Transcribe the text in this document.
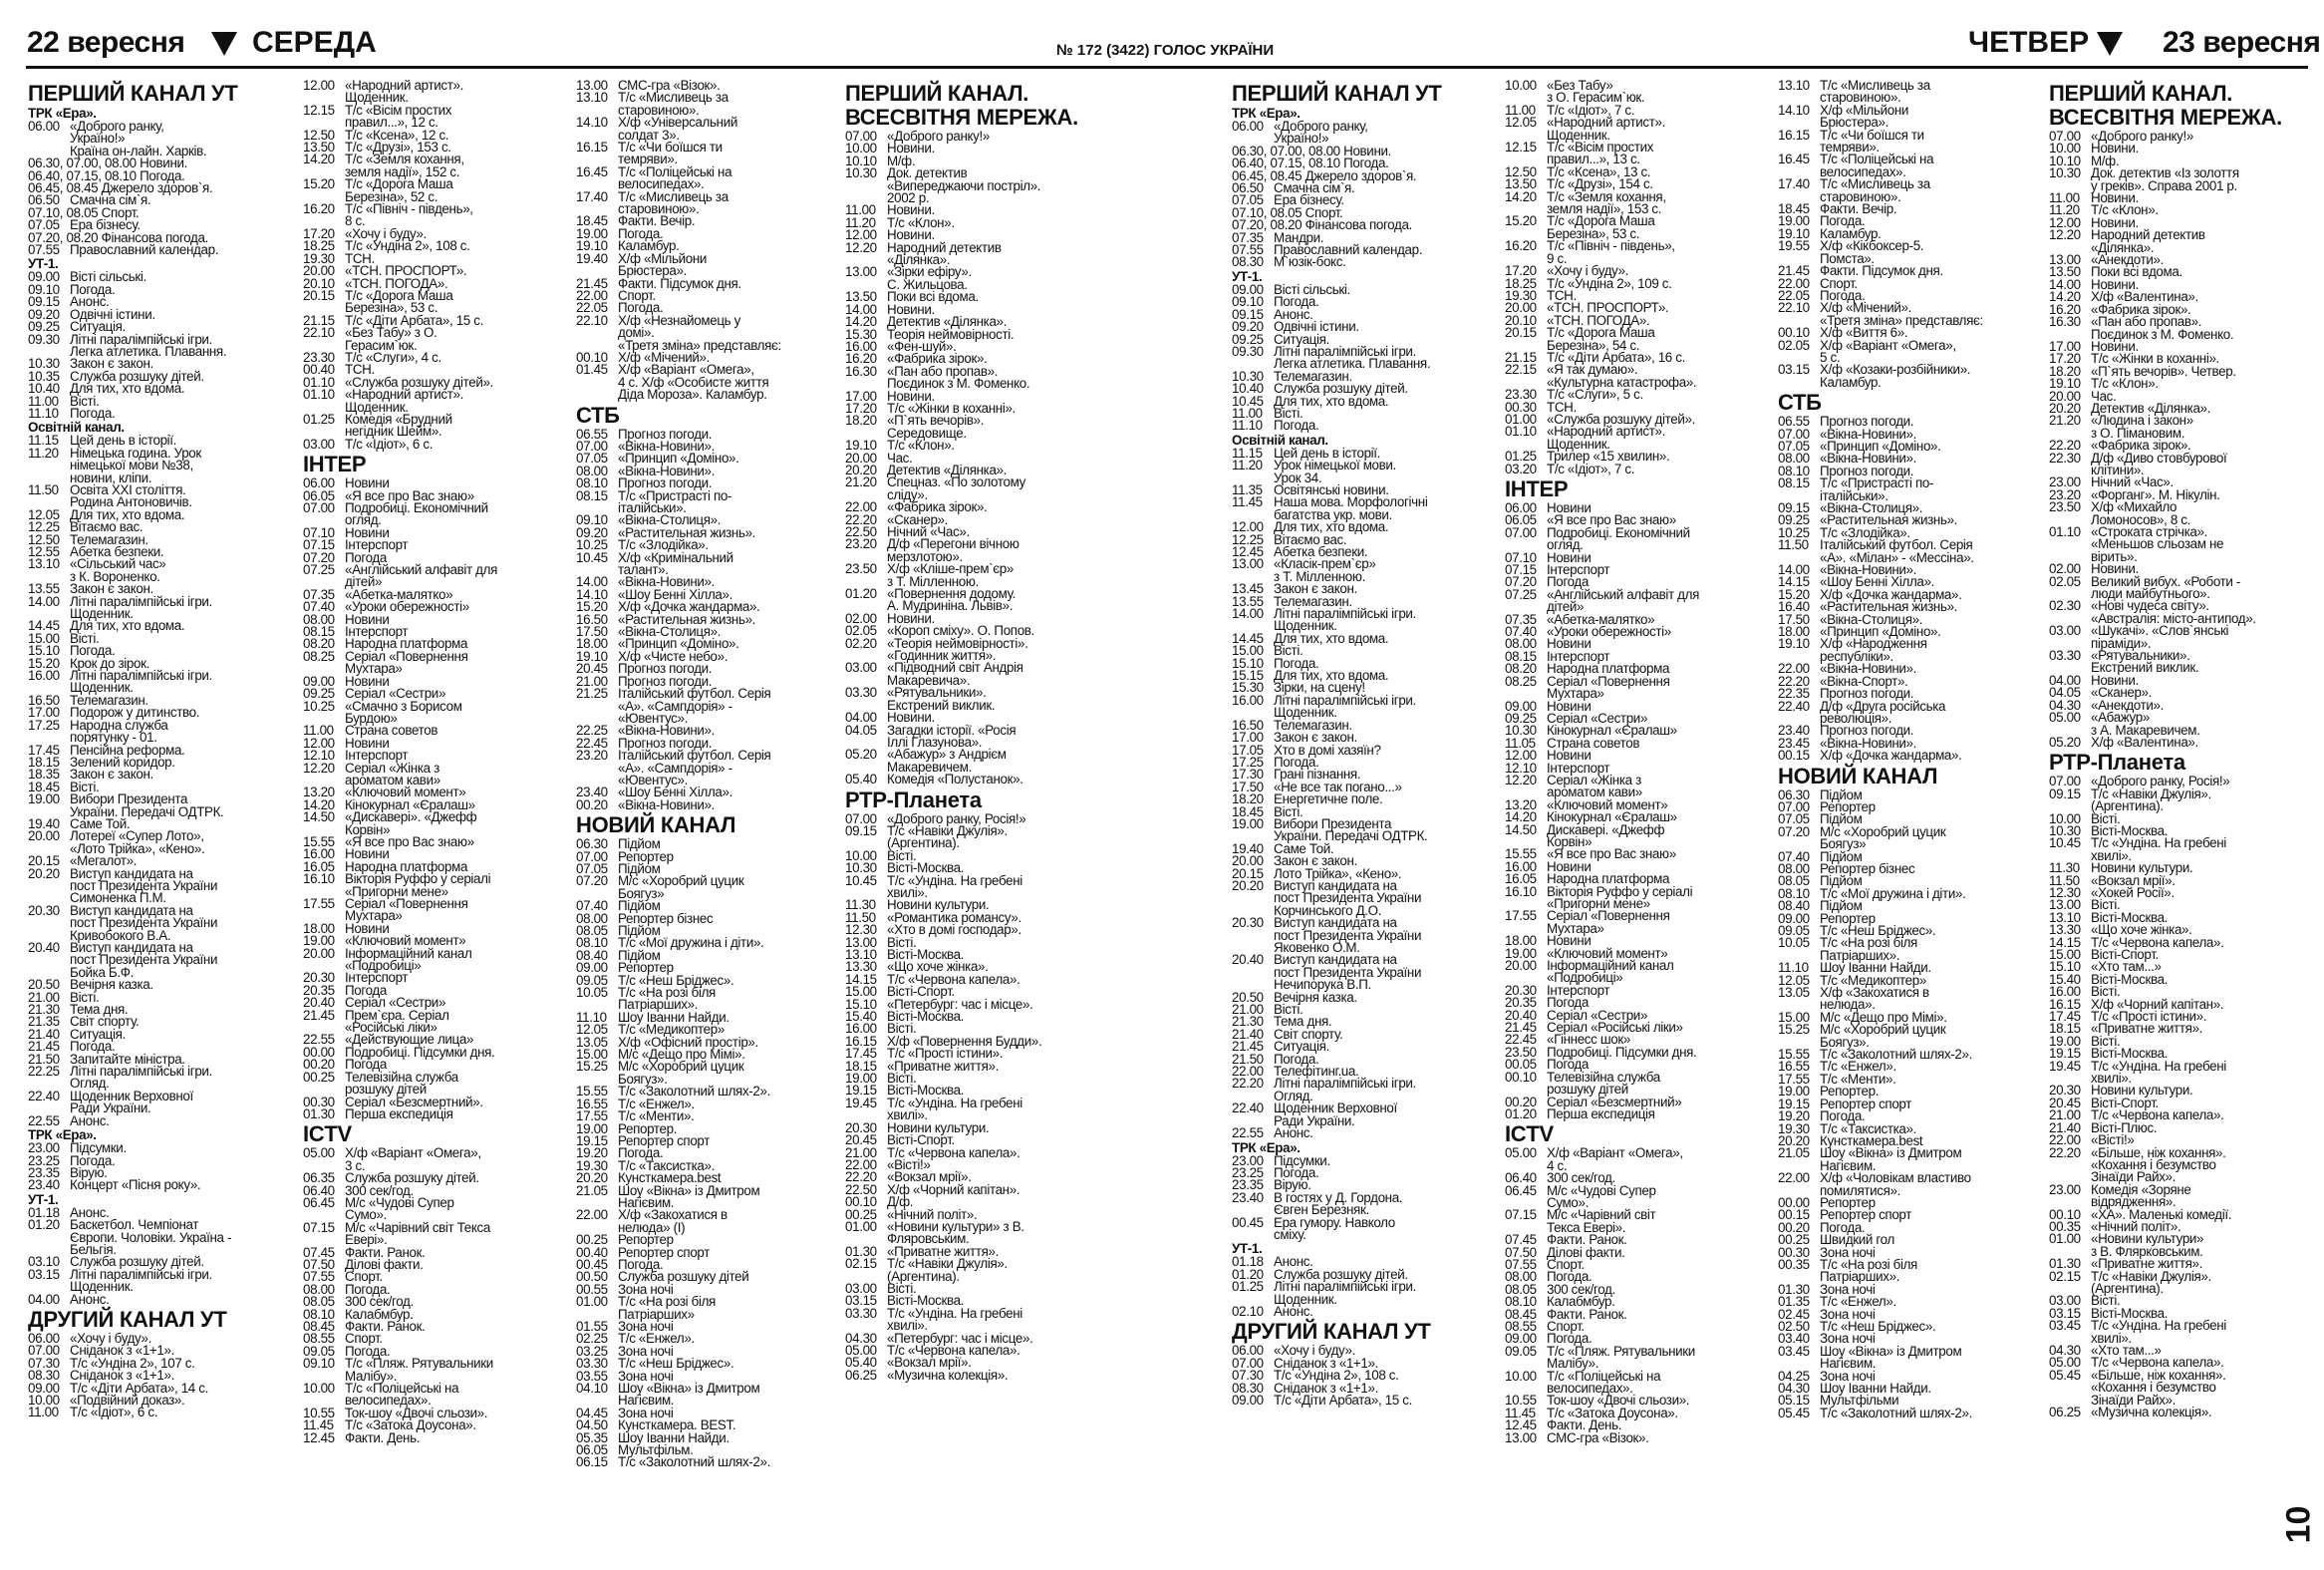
22 вересня СЕРЕДА	№ 172 (3422) ГОЛОС УКРАЇНИ	ЧЕТВЕР 23 вересня
ПЕРШИЙ КАНАЛ УТ
ТРК «Ера».
06.00 «Доброго ранку,
Україно!»
Країна он-лайн. Харків.
06.30, 07.00, 08.00 Новини.
06.40, 07.15, 08.10 Погода.
06.45, 08.45 Джерело здоров`я.
06.50 Смачна сім`я.
07.10, 08.05 Спорт.
07.05 Ера бізнесу.
07.20, 08.20 Фінансова погода.
07.55 Православний календар.
УТ-1.
09.00 Вісті сільські.
09.10 Погода.
09.15 Анонс.
09.20 Одвічні істини.
09.25 Ситуація.
09.30 Літні паралімпійські ігри.
Легка атлетика. Плавання.
10.30 Закон є закон.
10.35 Служба розшуку дітей.
10.40 Для тих, хто вдома.
11.00 Вісті.
11.10 Погода.
Освітній канал.
11.15 Цей день в історії.
11.20 Німецька година. Урок
німецької мови №38,
новини, кліпи.
11.50 Освіта XXI століття.
Родина Антоновичів.
12.05 Для тих, хто вдома.
12.25 Вітаємо вас.
12.50 Телемагазин.
12.55 Абетка безпеки.
13.10 «Сільський час»
з К. Вороненко.
13.55 Закон є закон.
14.00 Літні паралімпійські ігри.
Щоденник.
14.45 Для тих, хто вдома.
15.00 Вісті.
15.10 Погода.
15.20 Крок до зірок.
16.00 Літні паралімпійські ігри.
Щоденник.
16.50 Телемагазин.
17.00 Подорож у дитинство.
17.25 Народна служба
порятунку - 01.
17.45 Пенсійна реформа.
18.15 Зелений коридор.
18.35 Закон є закон.
18.45 Вісті.
19.00 Вибори Президента
України. Передачі ОДТРК.
19.40 Саме Той.
20.00 Лотереї «Супер Лото»,
«Лото Трійка», «Кено».
20.15 «Мегалот».
20.20 Виступ кандидата на
пост Президента України
Симоненка П.М.
20.30 Виступ кандидата на
пост Президента України
Кривобокого В.А.
20.40 Виступ кандидата на
пост Президента України
Бойка Б.Ф.
20.50 Вечірня казка.
21.00 Вісті.
21.30 Тема дня.
21.35 Світ спорту.
21.40 Ситуація.
21.45 Погода.
21.50 Запитайте міністра.
22.25 Літні паралімпійські ігри.
Огляд.
22.40 Щоденник Верховної
Ради України.
22.55 Анонс.
ТРК «Ера».
23.00 Підсумки.
23.25 Погода.
23.35 Вірую.
23.40 Концерт «Пісня року».
УТ-1.
01.18 Анонс.
01.20 Баскетбол. Чемпіонат
Європи. Чоловіки. Україна -
Бельгія.
03.10 Служба розшуку дітей.
03.15 Літні паралімпійські ігри.
Щоденник.
04.00 Анонс.
ДРУГИЙ КАНАЛ УТ
06.00 «Хочу і буду».
07.00 Сніданок з «1+1».
07.30 Т/с «Ундіна 2», 107 с.
08.30 Сніданок з «1+1».
09.00 Т/с «Діти Арбата», 14 с.
10.00 «Подвійний доказ».
11.00 Т/с «Ідіот», 6 с.
12.00 «Народний артист».
Щоденник.
12.15 Т/с «Вісім простих
правил...», 12 с.
12.50 Т/с «Ксена», 12 с.
13.50 Т/с «Друзі», 153 с.
14.20 Т/с «Земля кохання,
земля надії», 152 с.
15.20 Т/с «Дорога Маша
Березіна», 52 с.
16.20 Т/с «Північ - південь»,
8 с.
17.20 «Хочу і буду».
18.25 Т/с «Ундіна 2», 108 с.
19.30 ТСН.
20.00 «ТСН. ПРОСПОРТ».
20.10 «ТСН. ПОГОДА».
20.15 Т/с «Дорога Маша
Березіна», 53 с.
21.15 Т/с «Діти Арбата», 15 с.
22.10 «Без Табу» з О.
Герасим`юк.
23.30 Т/с «Слуги», 4 с.
00.40 ТСН.
01.10 «Служба розшуку дітей».
01.10 «Народний артист».
Щоденник.
01.25 Комедія «Брудний
негідник Шейм».
03.00 Т/с «Ідіот», 6 с.
ІНТЕР
06.00 Новини
06.05 «Я все про Вас знаю»
07.00 Подробиці. Економічний
огляд.
07.10 Новини
07.15 Інтерспорт
07.20 Погода
07.25 «Англійський алфавіт для
дітей»
07.35 «Абетка-малятко»
07.40 «Уроки обережності»
08.00 Новини
08.15 Інтерспорт
08.20 Народна платформа
08.25 Серіал «Повернення
Мухтара»
09.00 Новини
09.25 Серіал «Сестри»
10.25 «Смачно з Борисом
Бурдою»
11.00 Страна советов
12.00 Новини
12.10 Інтерспорт
12.20 Серіал «Жінка з
ароматом кави»
13.20 «Ключовий момент»
14.20 Кінокурнал «Єралаш»
14.50 «Дискавері». «Джефф
Корвін»
15.55 «Я все про Вас знаю»
16.00 Новини
16.05 Народна платформа
16.10 Вікторія Руффо у серіалі
«Пригорни мене»
17.55 Серіал «Повернення
Мухтара»
18.00 Новини
19.00 «Ключовий момент»
20.00 Інформаційний канал
«Подробиці»
20.30 Інтерспорт
20.35 Погода
20.40 Серіал «Сестри»
21.45 Прем`єра. Серіал
«Російські ліки»
22.55 «Действующие лица»
00.00 Подробиці. Підсумки дня.
00.20 Погода
00.25 Телевізійна служба
розшуку дітей
00.30 Серіал «Безсмертний».
01.30 Перша експедиція
ICTV
05.00 Х/ф «Варіант «Омега»,
3 с.
06.35 Служба розшуку дітей.
06.40 300 сек/год.
06.45 М/с «Чудові Супер
Сумо».
07.15 М/с «Чарівний світ Текса
Евері».
07.45 Факти. Ранок.
07.50 Ділові факти.
07.55 Спорт.
08.00 Погода.
08.05 300 сек/год.
08.10 Калабмбур.
08.45 Факти. Ранок.
08.55 Спорт.
09.05 Погода.
09.10 Т/с «Пляж. Рятувальники
Малібу».
10.00 Т/с «Поліцейські на
велосипедах».
10.55 Ток-шоу «Двочі сльози».
11.45 Т/с «Затока Доусона».
12.45 Факти. День.
13.00 СМС-гра «Візок».
13.10 Т/с «Мисливець за
старовиною».
14.10 Х/ф «Універсальний
солдат 3».
16.15 Т/с «Чи боїшся ти
темряви».
16.45 Т/с «Поліцейські на
велосипедах».
17.40 Т/с «Мисливець за
старовиною».
18.45 Факти. Вечір.
19.00 Погода.
19.10 Каламбур.
19.40 Х/ф «Мільйони
Брюстера».
21.45 Факти. Підсумок дня.
22.00 Спорт.
22.05 Погода.
22.10 Х/ф «Незнайомець у
домі».
«Третя зміна» представляє:
00.10 Х/ф «Мічений».
01.45 Х/ф «Варіант «Омега»,
4 с. Х/ф «Особисте життя
Діда Мороза». Каламбур.
СТБ
06.55 Прогноз погоди.
07.00 «Вікна-Новини».
07.05 «Принцип «Доміно».
08.00 «Вікна-Новини».
08.10 Прогноз погоди.
08.15 Т/с «Пристрасті по-
італійськи».
09.10 «Вікна-Столиця».
09.20 «Растительная жизнь».
10.25 Т/с «Злодійка».
10.45 Х/ф «Кримінальний
талант».
14.00 «Вікна-Новини».
14.10 «Шоу Бенні Хілла».
15.20 Х/ф «Дочка жандарма».
16.50 «Растительная жизнь».
17.50 «Вікна-Столиця».
18.00 «Принцип «Доміно».
19.10 Х/ф «Чисте небо».
20.45 Прогноз погоди.
21.00 Прогноз погоди.
21.25 Італійський футбол. Серія
«А». «Сампдорія» -
«Ювентус».
22.25 «Вікна-Новини».
22.45 Прогноз погоди.
23.20 Італійський футбол. Серія
«А». «Сампдорія» -
«Ювентус».
23.40 «Шоу Бенні Хілла».
00.20 «Вікна-Новини».
НОВИЙ КАНАЛ
06.30 Підйом
07.00 Репортер
07.05 Підйом
07.20 М/с «Хоробрий цуцик
Боягуз»
07.40 Підйом
08.00 Репортер бізнес
08.05 Підйом
08.10 Т/с «Мої дружина і діти».
08.40 Підйом
09.00 Репортер
09.05 Т/с «Неш Бріджес».
10.05 Т/с «На розі біля
Патріарших».
11.10 Шоу Іванни Найди.
12.05 Т/с «Медикоптер»
13.05 Х/ф «Офісний простір».
15.00 М/с «Дещо про Мімі».
15.25 М/с «Хоробрий цуцик
Боягуз».
15.55 Т/с «Заколотний шлях-2».
16.55 Т/с «Енжел».
17.55 Т/с «Менти».
19.00 Репортер.
19.15 Репортер спорт
19.20 Погода.
19.30 Т/с «Таксистка».
20.20 Кунсткамера.best
21.05 Шоу «Вікна» із Дмитром
Нагієвим.
22.00 Х/ф «Закохатися в
нелюда» (І)
00.25 Репортер
00.40 Репортер спорт
00.45 Погода.
00.50 Служба розшуку дітей
00.55 Зона ночі
01.00 Т/с «На розі біля
Патріарших»
01.55 Зона ночі
02.25 Т/с «Енжел».
03.25 Зона ночі
03.30 Т/с «Неш Бріджес».
03.55 Зона ночі
04.10 Шоу «Вікна» із Дмитром
Нагієвим.
04.45 Зона ночі
04.50 Кунсткамера. BEST.
05.35 Шоу Іванни Найди.
06.05 Мультфільм.
06.15 Т/с «Заколотний шлях-2».
ПЕРШИЙ КАНАЛ.
ВСЕСВІТНЯ МЕРЕЖА.
07.00 «Доброго ранку!»
10.00 Новини.
10.10 М/ф.
10.30 Док. детектив
«Випереджаючи постріл».
2002 р.
11.00 Новини.
11.20 Т/с «Клон».
12.00 Новини.
12.20 Народний детектив
«Ділянка».
13.00 «Зірки ефіру».
С. Жильцова.
13.50 Поки всі вдома.
14.00 Новини.
14.20 Детектив «Ділянка».
15.30 Теорія неймовірності.
16.00 «Фен-шуй».
16.20 «Фабрика зірок».
16.30 «Пан або пропав».
Поєдинок з М. Фоменко.
17.00 Новини.
17.20 Т/с «Жінки в коханні».
18.20 «П`ять вечорів».
Середовище.
19.10 Т/с «Клон».
20.00 Час.
20.20 Детектив «Ділянка».
21.20 Спецназ. «По золотому
сліду».
22.00 «Фабрика зірок».
22.20 «Сканер».
22.50 Нічний «Час».
23.20 Д/ф «Перегони вічною
мерзлотою».
23.50 Х/ф «Кліше-прем`єр»
з Т. Мілленною.
01.20 «Повернення додому.
А. Мудриніна. Львів».
02.00 Новини.
02.05 «Короп сміху». О. Попов.
02.20 «Теорія неймовірності».
«Годинник життя».
03.00 «Підводний світ Андрія
Макаревича».
03.30 «Рятувальники».
Екстрений виклик.
04.00 Новини.
04.05 Загадки історії. «Росія
Іллі Глазунова».
05.20 «Абажур» з Андрієм
Макаревичем.
05.40 Комедія «Полустанок».
РТР-Планета
07.00 «Доброго ранку, Росія!»
09.15 Т/с «Навіки Джулія».
(Аргентина).
10.00 Вісті.
10.30 Вісті-Москва.
10.45 Т/с «Ундіна. На гребені
хвилі».
11.30 Новини культури.
11.50 «Романтика романсу».
12.30 «Хто в домі господар».
13.00 Вісті.
13.10 Вісті-Москва.
13.30 «Що хоче жінка».
14.15 Т/с «Червона капела».
15.00 Вісті-Спорт.
15.10 «Петербург: час і місце».
15.40 Вісті-Москва.
16.00 Вісті.
16.15 Х/ф «Повернення Будди».
17.45 Т/с «Прості істини».
18.15 «Приватне життя».
19.00 Вісті.
19.15 Вісті-Москва.
19.45 Т/с «Ундіна. На гребені
хвилі».
20.30 Новини культури.
20.45 Вісті-Спорт.
21.00 Т/с «Червона капела».
22.00 «Вісті!»
22.20 «Вокзал мрії».
22.50 Х/ф «Чорний капітан».
00.10 Д/ф.
00.25 «Нічний політ».
01.00 «Новини культури» з В.
Фляровським.
01.30 «Приватне життя».
02.15 Т/с «Навіки Джулія».
(Аргентина).
03.00 Вісті.
03.15 Вісті-Москва.
03.30 Т/с «Ундіна. На гребені
хвилі».
04.30 «Петербург: час і місце».
05.00 Т/с «Червона капела».
05.40 «Вокзал мрії».
06.25 «Музична колекція».
ПЕРШИЙ КАНАЛ УТ
ТРК «Ера».
06.00 «Доброго ранку,
Україно!»
06.30, 07.00, 08.00 Новини.
06.40, 07.15, 08.10 Погода.
06.45, 08.45 Джерело здоров`я.
06.50 Смачна сім`я.
07.05 Ера бізнесу.
07.10, 08.05 Спорт.
07.20, 08.20 Фінансова погода.
07.35 Мандри.
07.55 Православний календар.
08.30 М`юзік-бокс.
УТ-1.
09.00 Вісті сільські.
09.10 Погода.
09.15 Анонс.
09.20 Одвічні істини.
09.25 Ситуація.
09.30 Літні паралімпійські ігри.
Легка атлетика. Плавання.
10.30 Телемагазин.
10.40 Служба розшуку дітей.
10.45 Для тих, хто вдома.
11.00 Вісті.
11.10 Погода.
Освітній канал.
11.15 Цей день в історії.
11.20 Урок німецької мови.
Урок 34.
11.35 Освітянські новини.
11.45 Наша мова. Морфологічні
багатства укр. мови.
12.00 Для тих, хто вдома.
12.25 Вітаємо вас.
12.45 Абетка безпеки.
13.00 «Класік-прем`єр»
з Т. Мілленною.
13.45 Закон є закон.
13.55 Телемагазин.
14.00 Літні паралімпійські ігри.
Щоденник.
14.45 Для тих, хто вдома.
15.00 Вісті.
15.10 Погода.
15.15 Для тих, хто вдома.
15.30 Зірки, на сцену!
16.00 Літні паралімпійські ігри.
Щоденник.
16.50 Телемагазин.
17.00 Закон є закон.
17.05 Хто в домі хазяїн?
17.25 Погода.
17.30 Грані пізнання.
17.50 «Не все так погано...»
18.20 Енергетичне поле.
18.45 Вісті.
19.00 Вибори Президента
України. Передачі ОДТРК.
19.40 Саме Той.
20.00 Закон є закон.
20.15 Лото Трійка», «Кено».
20.20 Виступ кандидата на
пост Президента України
Корчинського Д.О.
20.30 Виступ кандидата на
пост Президента України
Яковенко О.М.
20.40 Виступ кандидата на
пост Президента України
Нечипорука В.П.
20.50 Вечірня казка.
21.00 Вісті.
21.30 Тема дня.
21.40 Світ спорту.
21.45 Ситуація.
21.50 Погода.
22.00 Телефітинг.ua.
22.20 Літні паралімпійські ігри.
Огляд.
22.40 Щоденник Верховної
Ради України.
22.55 Анонс.
ТРК «Ера».
23.00 Підсумки.
23.25 Погода.
23.35 Вірую.
23.40 В гостях у Д. Гордона.
Євген Березняк.
00.45 Ера гумору. Навколо
сміху.
УТ-1.
01.18 Анонс.
01.20 Служба розшуку дітей.
01.25 Літні паралімпійські ігри.
Щоденник.
02.10 Анонс.
ДРУГИЙ КАНАЛ УТ
06.00 «Хочу і буду».
07.00 Сніданок з «1+1».
07.30 Т/с «Ундіна 2», 108 с.
08.30 Сніданок з «1+1».
09.00 Т/с «Діти Арбата», 15 с.
10.00 «Без Табу»
з О. Герасим`юк.
11.00 Т/с «Ідіот», 7 с.
12.05 «Народний артист».
Щоденник.
12.15 Т/с «Вісім простих
правил...», 13 с.
12.50 Т/с «Ксена», 13 с.
13.50 Т/с «Друзі», 154 с.
14.20 Т/с «Земля кохання,
земля надії», 153 с.
15.20 Т/с «Дорога Маша
Березіна», 53 с.
16.20 Т/с «Північ - південь»,
9 с.
17.20 «Хочу і буду».
18.25 Т/с «Ундіна 2», 109 с.
19.30 ТСН.
20.00 «ТСН. ПРОСПОРТ».
20.10 «ТСН. ПОГОДА».
20.15 Т/с «Дорога Маша
Березіна», 54 с.
21.15 Т/с «Діти Арбата», 16 с.
22.15 «Я так думаю».
«Культурна катастрофа».
23.30 Т/с «Слуги», 5 с.
00.30 ТСН.
01.00 «Служба розшуку дітей».
01.10 «Народний артист».
Щоденник.
01.25 Трилер «15 хвилин».
03.20 Т/с «Ідіот», 7 с.
ІНТЕР
06.00 Новини
06.05 «Я все про Вас знаю»
07.00 Подробиці. Економічний
огляд.
07.10 Новини
07.15 Інтерспорт
07.20 Погода
07.25 «Англійський алфавіт для
дітей»
07.35 «Абетка-малятко»
07.40 «Уроки обережності»
08.00 Новини
08.15 Інтерспорт
08.20 Народна платформа
08.25 Серіал «Повернення
Мухтара»
09.00 Новини
09.25 Серіал «Сестри»
10.30 Кінокурнал «Єралаш»
11.05 Страна советов
12.00 Новини
12.10 Інтерспорт
12.20 Серіал «Жінка з
ароматом кави»
13.20 «Ключовий момент»
14.20 Кінокурнал «Єралаш»
14.50 Дискавері. «Джефф
Корвін»
15.55 «Я все про Вас знаю»
16.00 Новини
16.05 Народна платформа
16.10 Вікторія Руффо у серіалі
«Пригорни мене»
17.55 Серіал «Повернення
Мухтара»
18.00 Новини
19.00 «Ключовий момент»
20.00 Інформаційний канал
«Подробиці»
20.30 Інтерспорт
20.35 Погода
20.40 Серіал «Сестри»
21.45 Серіал «Російські ліки»
22.45 «Гіннесс шок»
23.50 Подробиці. Підсумки дня.
00.05 Погода
00.10 Телевізійна служба
розшуку дітей
00.20 Серіал «Безсмертний»
01.20 Перша експедиція
ICTV
05.00 Х/ф «Варіант «Омега»,
4 с.
06.40 300 сек/год.
06.45 М/с «Чудові Супер
Сумо».
07.15 М/с «Чарівний світ
Текса Евері».
07.45 Факти. Ранок.
07.50 Ділові факти.
07.55 Спорт.
08.00 Погода.
08.05 300 сек/год.
08.10 Калабмбур.
08.45 Факти. Ранок.
08.55 Спорт.
09.00 Погода.
09.05 Т/с «Пляж. Рятувальники
Малібу».
10.00 Т/с «Поліцейські на
велосипедах».
10.55 Ток-шоу «Двочі сльози».
11.45 Т/с «Затока Доусона».
12.45 Факти. День.
13.00 СМС-гра «Візок».
13.10 Т/с «Мисливець за
старовиною».
14.10 Х/ф «Мільйони
Брюстера».
16.15 Т/с «Чи боїшся ти
темряви».
16.45 Т/с «Поліцейські на
велосипедах».
17.40 Т/с «Мисливець за
старовиною».
18.45 Факти. Вечір.
19.00 Погода.
19.10 Каламбур.
19.55 Х/ф «Кікбоксер-5.
Помста».
21.45 Факти. Підсумок дня.
22.00 Спорт.
22.05 Погода.
22.10 Х/ф «Мічений».
«Третя зміна» представляє:
00.10 Х/ф «Виття 6».
02.05 Х/ф «Варіант «Омега»,
5 с.
03.15 Х/ф «Козаки-розбійники».
Каламбур.
СТБ
06.55 Прогноз погоди.
07.00 «Вікна-Новини».
07.05 «Принцип «Доміно».
08.00 «Вікна-Новини».
08.10 Прогноз погоди.
08.15 Т/с «Пристрасті по-
італійськи».
09.15 «Вікна-Столиця».
09.25 «Растительная жизнь».
10.25 Т/с «Злодійка».
11.50 Італійський футбол. Серія
«А». «Мілан» - «Мессіна».
14.00 «Вікна-Новини».
14.15 «Шоу Бенні Хілла».
15.20 Х/ф «Дочка жандарма».
16.40 «Растительная жизнь».
17.50 «Вікна-Столиця».
18.00 «Принцип «Доміно».
19.10 Х/ф «Народження
республіки».
22.00 «Вікна-Новини».
22.20 «Вікна-Спорт».
22.35 Прогноз погоди.
22.40 Д/ф «Друга російська
революція».
23.40 Прогноз погоди.
23.45 «Вікна-Новини».
00.15 Х/ф «Дочка жандарма».
НОВИЙ КАНАЛ
06.30 Підйом
07.00 Репортер
07.05 Підйом
07.20 М/с «Хоробрий цуцик
Боягуз»
07.40 Підйом
08.00 Репортер бізнес
08.05 Підйом
08.10 Т/с «Мої дружина і діти».
08.40 Підйом
09.00 Репортер
09.05 Т/с «Неш Бріджес».
10.05 Т/с «На розі біля
Патріарших».
11.10 Шоу Іванни Найди.
12.05 Т/с «Медикоптер»
13.05 Х/ф «Закохатися в
нелюда».
15.00 М/с «Дещо про Мімі».
15.25 М/с «Хоробрий цуцик
Боягуз».
15.55 Т/с «Заколотний шлях-2».
16.55 Т/с «Енжел».
17.55 Т/с «Менти».
19.00 Репортер.
19.15 Репортер спорт
19.20 Погода.
19.30 Т/с «Таксистка».
20.20 Кунсткамера.best
21.05 Шоу «Вікна» із Дмитром
Нагієвим.
22.00 Х/ф «Чоловікам властиво
помилятися».
00.00 Репортер
00.15 Репортер спорт
00.20 Погода.
00.25 Швидкий гол
00.30 Зона ночі
00.35 Т/с «На розі біля
Патріарших».
01.30 Зона ночі
01.35 Т/с «Енжел».
02.45 Зона ночі
02.50 Т/с «Неш Бріджес».
03.40 Зона ночі
03.45 Шоу «Вікна» із Дмитром
Нагієвим.
04.25 Зона ночі
04.30 Шоу Іванни Найди.
05.15 Мультфільми
05.45 Т/с «Заколотний шлях-2».
ПЕРШИЙ КАНАЛ.
ВСЕСВІТНЯ МЕРЕЖА.
07.00 «Доброго ранку!»
10.00 Новини.
10.10 М/ф.
10.30 Док. детектив «Із золоття
у греків». Справа 2001 р.
11.00 Новини.
11.20 Т/с «Клон».
12.00 Новини.
12.20 Народний детектив
«Ділянка».
13.00 «Анекдоти».
13.50 Поки всі вдома.
14.00 Новини.
14.20 Х/ф «Валентина».
16.20 «Фабрика зірок».
16.30 «Пан або пропав».
Поєдинок з М. Фоменко.
17.00 Новини.
17.20 Т/с «Жінки в коханні».
18.20 «П`ять вечорів». Четвер.
19.10 Т/с «Клон».
20.00 Час.
20.20 Детектив «Ділянка».
21.20 «Людина і закон»
з О. Пімановим.
22.20 «Фабрика зірок».
22.30 Д/ф «Диво стовбурової
клітини».
23.00 Нічний «Час».
23.20 «Форганг». М. Нікулін.
23.50 Х/ф «Михайло
Ломоносов», 8 с.
01.10 «Строката стрічка».
«Меньшов сльозам не
вірить».
02.00 Новини.
02.05 Великий вибух. «Роботи -
люди майбутнього».
02.30 «Нові чудеса світу».
«Австралія: місто-антипод».
03.00 «Шукачі». «Слов`янські
піраміди».
03.30 «Рятувальники».
Екстрений виклик.
04.00 Новини.
04.05 «Сканер».
04.30 «Анекдоти».
05.00 «Абажур»
з А. Макаревичем.
05.20 Х/ф «Валентина».
РТР-Планета
07.00 «Доброго ранку, Росія!»
09.15 Т/с «Навіки Джулія».
(Аргентина).
10.00 Вісті.
10.30 Вісті-Москва.
10.45 Т/с «Ундіна. На гребені
хвилі».
11.30 Новини культури.
11.50 «Вокзал мрії».
12.30 «Хокей Росії».
13.00 Вісті.
13.10 Вісті-Москва.
13.30 «Що хоче жінка».
14.15 Т/с «Червона капела».
15.00 Вісті-Спорт.
15.10 «Хто там...»
15.40 Вісті-Москва.
16.00 Вісті.
16.15 Х/ф «Чорний капітан».
17.45 Т/с «Прості істини».
18.15 «Приватне життя».
19.00 Вісті.
19.15 Вісті-Москва.
19.45 Т/с «Ундіна. На гребені
хвилі».
20.30 Новини культури.
20.45 Вісті-Спорт.
21.00 Т/с «Червона капела».
21.40 Вісті-Плюс.
22.00 «Вісті!»
22.20 «Більше, ніж кохання».
«Кохання і безумство
Зінаїди Райх».
23.00 Комедія «Зоряне
відрядження».
00.10 «ХА». Маленькі комедії.
00.35 «Нічний політ».
01.00 «Новини культури»
з В. Флярковським.
01.30 «Приватне життя».
02.15 Т/с «Навіки Джулія».
(Аргентина).
03.00 Вісті.
03.15 Вісті-Москва.
03.45 Т/с «Ундіна. На гребені
хвилі».
04.30 «Хто там...»
05.00 Т/с «Червона капела».
05.45 «Більше, ніж кохання».
«Кохання і безумство
Зінаїди Райх».
06.25 «Музична колекція».
10
